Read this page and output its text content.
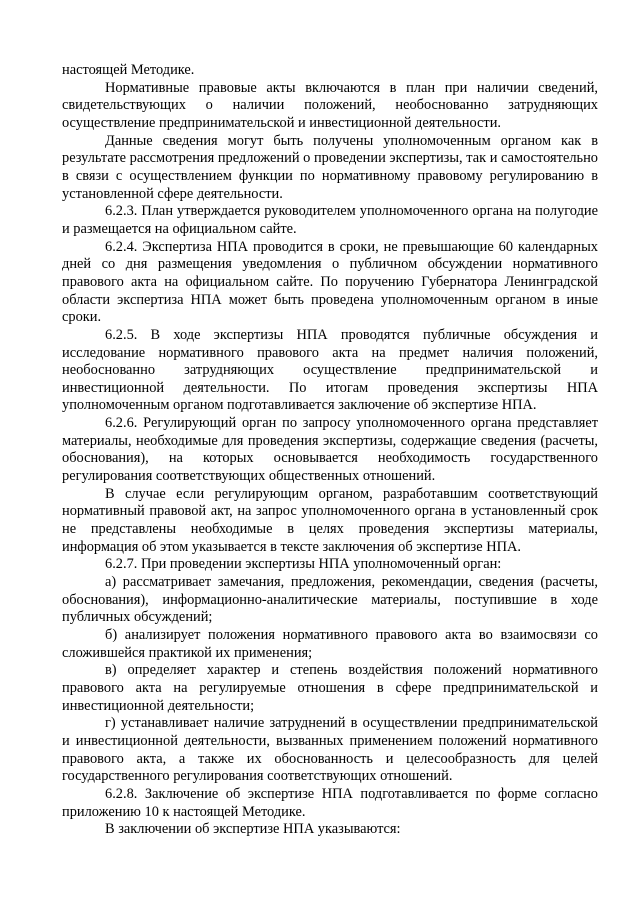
настоящей Методике.

Нормативные правовые акты включаются в план при наличии сведений, свидетельствующих о наличии положений, необоснованно затрудняющих осуществление предпринимательской и инвестиционной деятельности.

Данные сведения могут быть получены уполномоченным органом как в результате рассмотрения предложений о проведении экспертизы, так и самостоятельно в связи с осуществлением функции по нормативному правовому регулированию в установленной сфере деятельности.

6.2.3. План утверждается руководителем уполномоченного органа на полугодие и размещается на официальном сайте.

6.2.4. Экспертиза НПА проводится в сроки, не превышающие 60 календарных дней со дня размещения уведомления о публичном обсуждении нормативного правового акта на официальном сайте. По поручению Губернатора Ленинградской области экспертиза НПА может быть проведена уполномоченным органом в иные сроки.

6.2.5. В ходе экспертизы НПА проводятся публичные обсуждения и исследование нормативного правового акта на предмет наличия положений, необоснованно затрудняющих осуществление предпринимательской и инвестиционной деятельности. По итогам проведения экспертизы НПА уполномоченным органом подготавливается заключение об экспертизе НПА.

6.2.6. Регулирующий орган по запросу уполномоченного органа представляет материалы, необходимые для проведения экспертизы, содержащие сведения (расчеты, обоснования), на которых основывается необходимость государственного регулирования соответствующих общественных отношений.

В случае если регулирующим органом, разработавшим соответствующий нормативный правовой акт, на запрос уполномоченного органа в установленный срок не представлены необходимые в целях проведения экспертизы материалы, информация об этом указывается в тексте заключения об экспертизе НПА.

6.2.7. При проведении экспертизы НПА уполномоченный орган:

а) рассматривает замечания, предложения, рекомендации, сведения (расчеты, обоснования), информационно-аналитические материалы, поступившие в ходе публичных обсуждений;

б) анализирует положения нормативного правового акта во взаимосвязи со сложившейся практикой их применения;

в) определяет характер и степень воздействия положений нормативного правового акта на регулируемые отношения в сфере предпринимательской и инвестиционной деятельности;

г) устанавливает наличие затруднений в осуществлении предпринимательской и инвестиционной деятельности, вызванных применением положений нормативного правового акта, а также их обоснованность и целесообразность для целей государственного регулирования соответствующих отношений.

6.2.8. Заключение об экспертизе НПА подготавливается по форме согласно приложению 10 к настоящей Методике.

В заключении об экспертизе НПА указываются:
